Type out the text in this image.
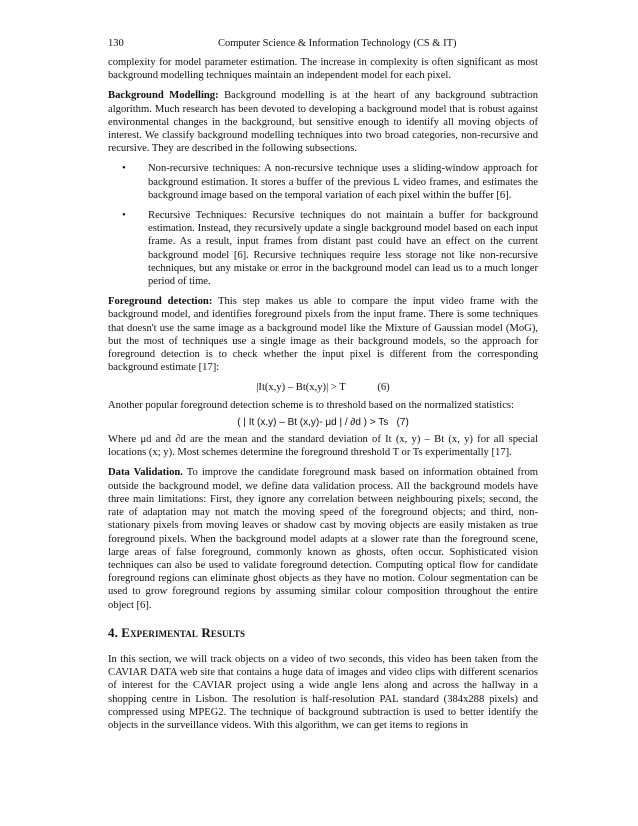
130	Computer Science & Information Technology (CS & IT)

complexity for model parameter estimation. The increase in complexity is often significant as most background modelling techniques maintain an independent model for each pixel.

Background Modelling: Background modelling is at the heart of any background subtraction algorithm. Much research has been devoted to developing a background model that is robust against environmental changes in the background, but sensitive enough to identify all moving objects of interest. We classify background modelling techniques into two broad categories, non-recursive and recursive. They are described in the following subsections.

• Non-recursive techniques: A non-recursive technique uses a sliding-window approach for background estimation. It stores a buffer of the previous L video frames, and estimates the background image based on the temporal variation of each pixel within the buffer [6].
• Recursive Techniques: Recursive techniques do not maintain a buffer for background estimation. Instead, they recursively update a single background model based on each input frame. As a result, input frames from distant past could have an effect on the current background model [6]. Recursive techniques require less storage not like non-recursive techniques, but any mistake or error in the background model can lead us to a much longer period of time.

Foreground detection: This step makes us able to compare the input video frame with the background model, and identifies foreground pixels from the input frame. There is some techniques that doesn't use the same image as a background model like the Mixture of Gaussian model (MoG), but the most of techniques use a single image as their background models, so the approach for foreground detection is to check whether the input pixel is different from the corresponding background estimate [17]:

|It(x,y) – Bt(x,y)| > T            (6)

Another popular foreground detection scheme is to threshold based on the normalized statistics:

( | It (x,y) – Bt (x,y)- μd | / ∂d ) > Ts   (7)

Where μd and ∂d are the mean and the standard deviation of It (x, y) – Bt (x, y) for all special locations (x; y). Most schemes determine the foreground threshold T or Ts experimentally [17].

Data Validation. To improve the candidate foreground mask based on information obtained from outside the background model, we define data validation process. All the background models have three main limitations: First, they ignore any correlation between neighbouring pixels; second, the rate of adaptation may not match the moving speed of the foreground objects; and third, non-stationary pixels from moving leaves or shadow cast by moving objects are easily mistaken as true foreground pixels. When the background model adapts at a slower rate than the foreground scene, large areas of false foreground, commonly known as ghosts, often occur. Sophisticated vision techniques can also be used to validate foreground detection. Computing optical flow for candidate foreground regions can eliminate ghost objects as they have no motion. Colour segmentation can be used to grow foreground regions by assuming similar colour composition throughout the entire object [6].

4. Experimental Results

In this section, we will track objects on a video of two seconds, this video has been taken from the CAVIAR DATA web site that contains a huge data of images and video clips with different scenarios of interest for the CAVIAR project using a wide angle lens along and across the hallway in a shopping centre in Lisbon. The resolution is half-resolution PAL standard (384x288 pixels) and compressed using MPEG2. The technique of background subtraction is used to better identify the objects in the surveillance videos. With this algorithm, we can get items to regions in
